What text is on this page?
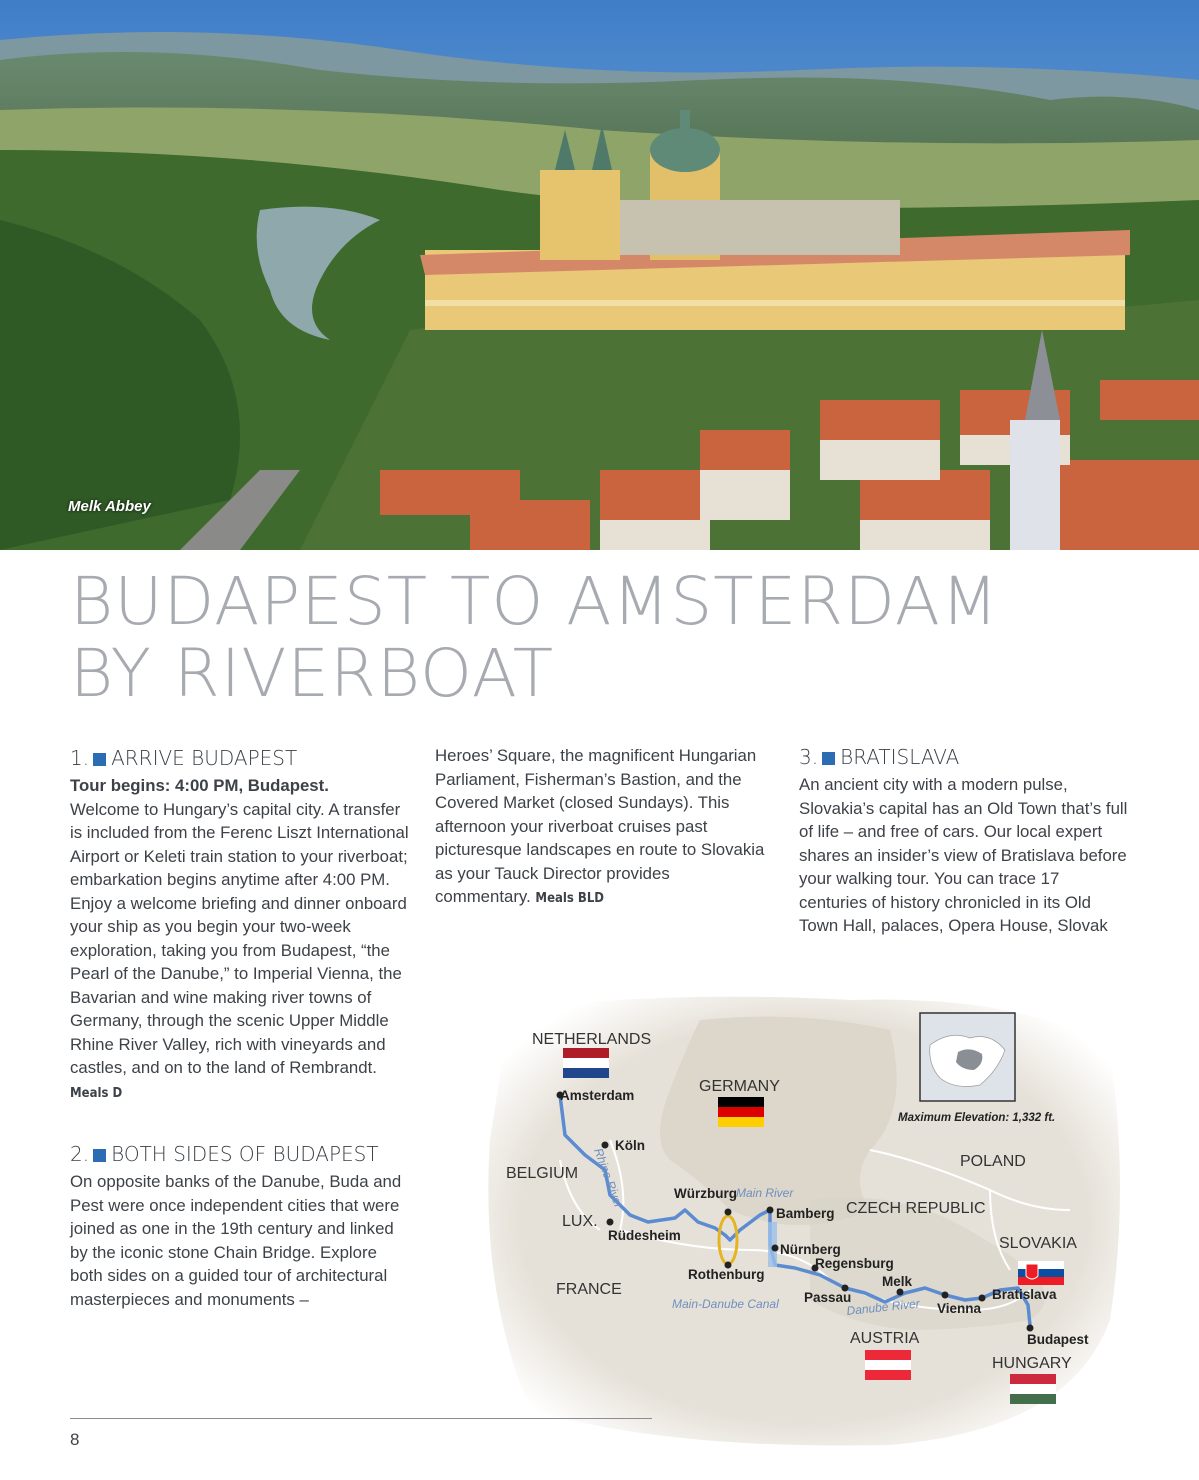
Melk Abbey
BUDAPEST TO AMSTERDAM
BY RIVERBOAT
1. ARRIVE BUDAPEST

Tour begins: 4:00 PM, Budapest.
Welcome to Hungary’s capital city. A transfer is included from the Ferenc Liszt International Airport or Keleti train station to your riverboat; embarkation begins anytime after 4:00 PM. Enjoy a welcome briefing and dinner onboard your ship as you begin your two-week exploration, taking you from Budapest, “the Pearl of the Danube,” to Imperial Vienna, the Bavarian and wine making river towns of Germany, through the scenic Upper Middle Rhine River Valley, rich with vineyards and castles, and on to the land of Rembrandt. Meals D

2. BOTH SIDES OF BUDAPEST

On opposite banks of the Danube, Buda and Pest were once independent cities that were joined as one in the 19th century and linked by the iconic stone Chain Bridge. Explore both sides on a guided tour of architectural masterpieces and monuments –

Heroes’ Square, the magnificent Hungarian Parliament, Fisherman’s Bastion, and the Covered Market (closed Sundays). This afternoon your riverboat cruises past picturesque landscapes en route to Slovakia as your Tauck Director provides commentary. Meals BLD

3. BRATISLAVA

An ancient city with a modern pulse, Slovakia’s capital has an Old Town that’s full of life – and free of cars. Our local expert shares an insider’s view of Bratislava before your walking tour. You can trace 17 centuries of history chronicled in its Old Town Hall, palaces, Opera House, Slovak

NETHERLANDS
GERMANY
BELGIUM
LUX.
FRANCE
POLAND
CZECH REPUBLIC
SLOVAKIA
AUSTRIA
HUNGARY
Amsterdam
Köln
Rüdesheim
Würzburg
Bamberg
Rothenburg
Nürnberg
Regensburg
Passau
Melk
Vienna
Bratislava
Budapest
Rhine River	Main River
Main-Danube Canal	Danube River
Maximum Elevation: 1,332 ft.
8
